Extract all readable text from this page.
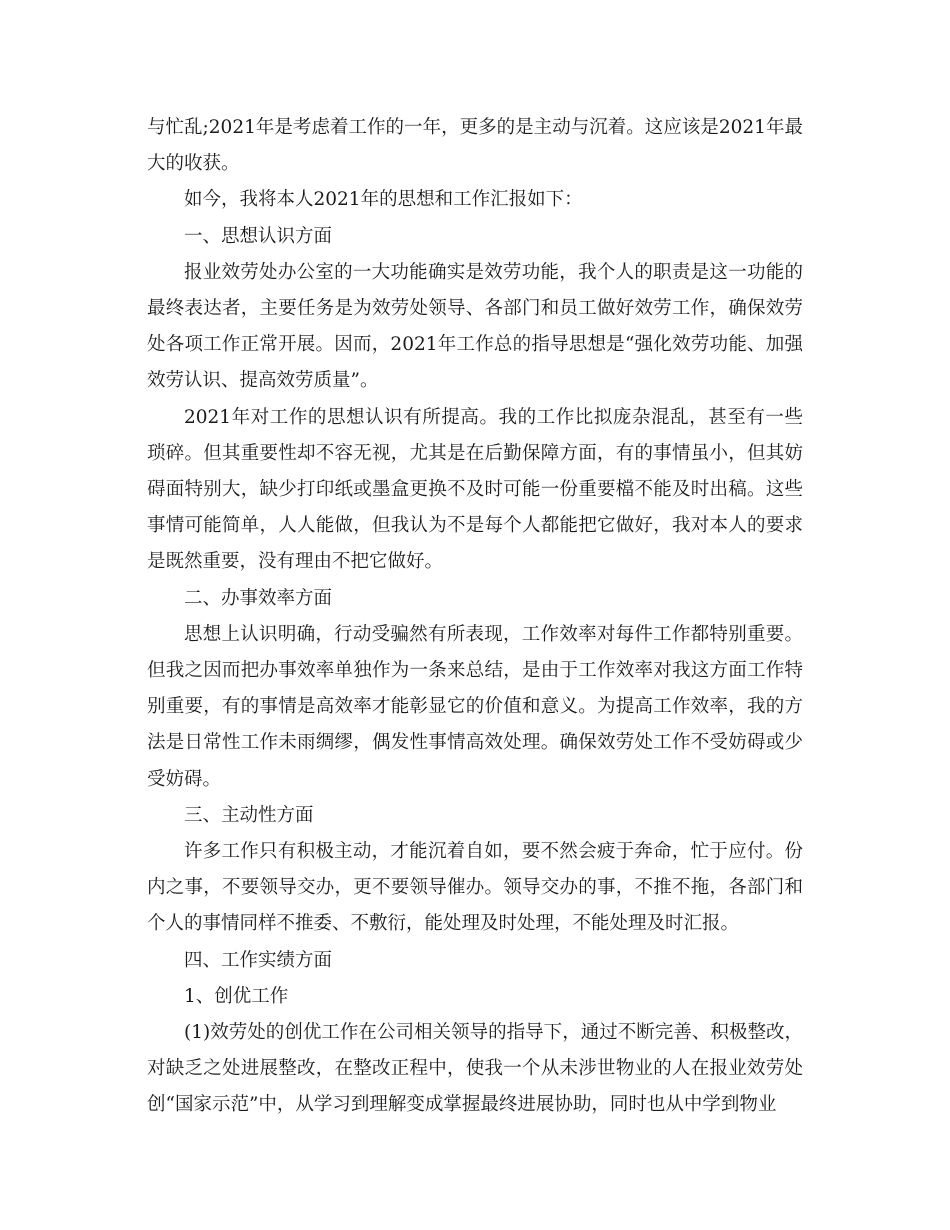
与忙乱;2021年是考虑着工作的一年，更多的是主动与沉着。这应该是2021年最大的收获。

如今，我将本人2021年的思想和工作汇报如下：

一、思想认识方面

报业效劳处办公室的一大功能确实是效劳功能，我个人的职责是这一功能的最终表达者，主要任务是为效劳处领导、各部门和员工做好效劳工作，确保效劳处各项工作正常开展。因而，2021年工作总的指导思想是“强化效劳功能、加强效劳认识、提高效劳质量”。

2021年对工作的思想认识有所提高。我的工作比拟庞杂混乱，甚至有一些琐碎。但其重要性却不容无视，尤其是在后勤保障方面，有的事情虽小，但其妨碍面特别大，缺少打印纸或墨盒更换不及时可能一份重要檔不能及时出稿。这些事情可能简单，人人能做，但我认为不是每个人都能把它做好，我对本人的要求是既然重要，没有理由不把它做好。

二、办事效率方面

思想上认识明确，行动受骗然有所表现，工作效率对每件工作都特别重要。但我之因而把办事效率单独作为一条来总结，是由于工作效率对我这方面工作特别重要，有的事情是高效率才能彰显它的价值和意义。为提高工作效率，我的方法是日常性工作未雨绸缪，偶发性事情高效处理。确保效劳处工作不受妨碍或少受妨碍。

三、主动性方面

许多工作只有积极主动，才能沉着自如，要不然会疲于奔命，忙于应付。份内之事，不要领导交办，更不要领导催办。领导交办的事，不推不拖，各部门和个人的事情同样不推委、不敷衍，能处理及时处理，不能处理及时汇报。

四、工作实绩方面

1、创优工作

(1)效劳处的创优工作在公司相关领导的指导下，通过不断完善、积极整改，对缺乏之处进展整改，在整改正程中，使我一个从未涉世物业的人在报业效劳处创“国家示范”中，从学习到理解变成掌握最终进展协助，同时也从中学到物业
